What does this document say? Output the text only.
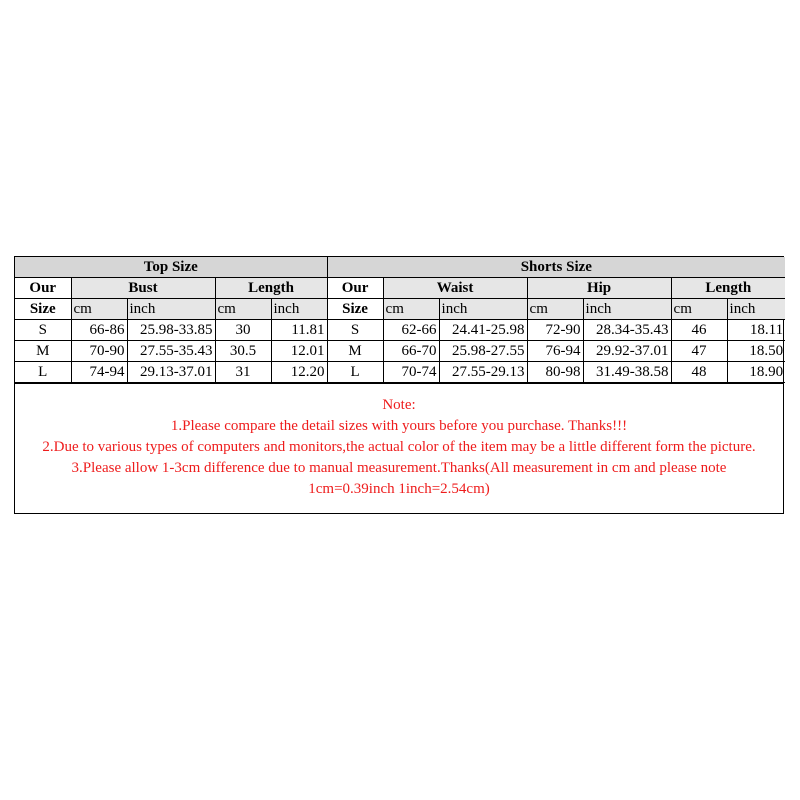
Top Size					Shorts Size						
Our	Bust		Length		Our	Waist		Hip		Length	
Size	cm	inch	cm	inch	Size	cm	inch	cm	inch	cm	inch
S	66-86	25.98-33.85	30	11.81	S	62-66	24.41-25.98	72-90	28.34-35.43	46	18.11
M	70-90	27.55-35.43	30.5	12.01	M	66-70	25.98-27.55	76-94	29.92-37.01	47	18.50
L	74-94	29.13-37.01	31	12.20	L	70-74	27.55-29.13	80-98	31.49-38.58	48	18.90
Note:
1.Please compare the detail sizes with yours before you purchase. Thanks!!!
2.Due to various types of computers and monitors,the actual color of the item may be a little different form the picture.
3.Please allow 1-3cm difference due to manual measurement.Thanks(All measurement in cm and please note 1cm=0.39inch 1inch=2.54cm)
